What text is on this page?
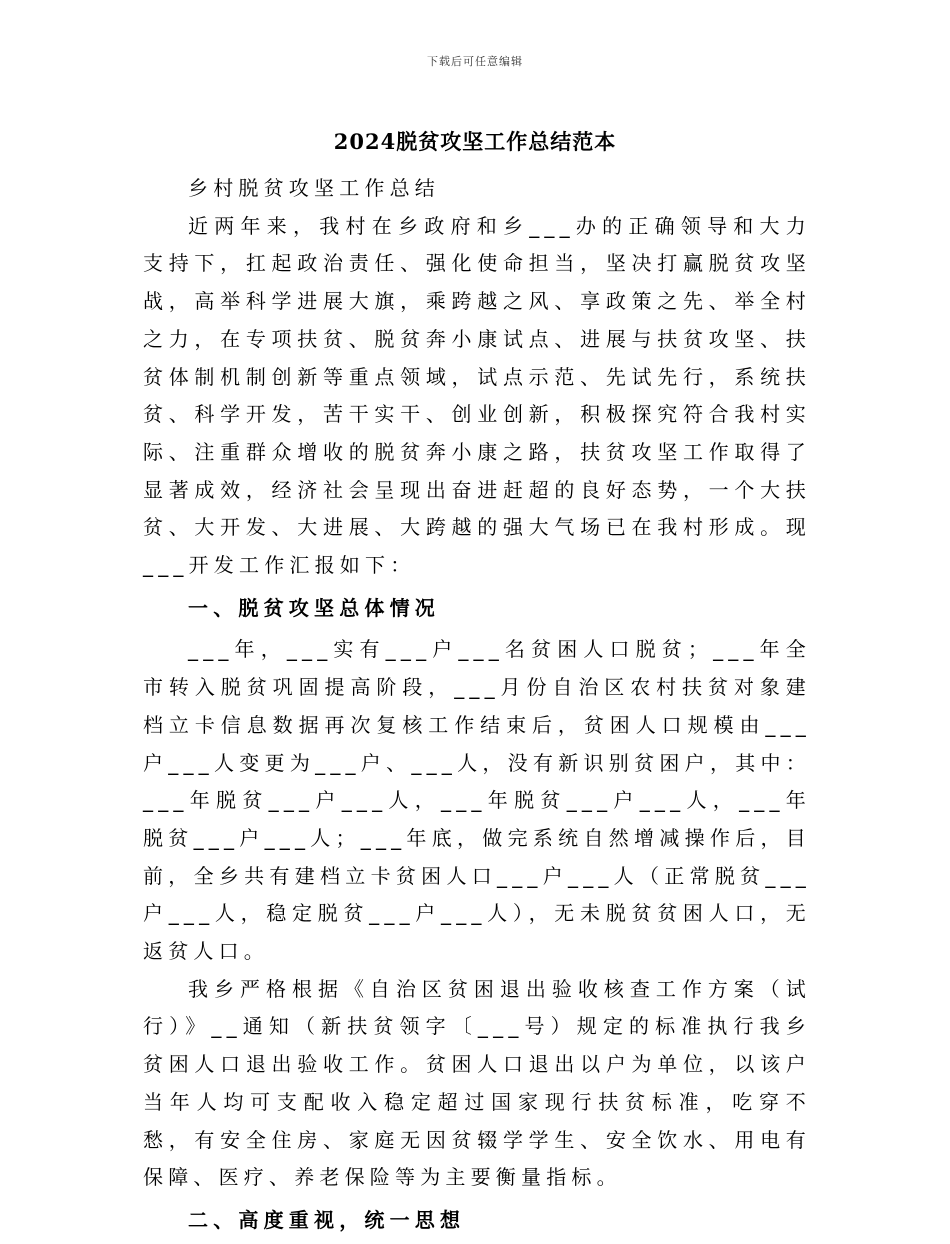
下载后可任意编辑
2024脱贫攻坚工作总结范本

乡村脱贫攻坚工作总结

近两年来，我村在乡政府和乡___办的正确领导和大力支持下，扛起政治责任、强化使命担当，坚决打赢脱贫攻坚战，高举科学进展大旗，乘跨越之风、享政策之先、举全村之力，在专项扶贫、脱贫奔小康试点、进展与扶贫攻坚、扶贫体制机制创新等重点领域，试点示范、先试先行，系统扶贫、科学开发，苦干实干、创业创新，积极探究符合我村实际、注重群众增收的脱贫奔小康之路，扶贫攻坚工作取得了显著成效，经济社会呈现出奋进赶超的良好态势，一个大扶贫、大开发、大进展、大跨越的强大气场已在我村形成。现___开发工作汇报如下：

一、脱贫攻坚总体情况

___年，___实有___户___名贫困人口脱贫；___年全市转入脱贫巩固提高阶段，___月份自治区农村扶贫对象建档立卡信息数据再次复核工作结束后，贫困人口规模由___户___人变更为___户、___人，没有新识别贫困户，其中：___年脱贫___户___人，___年脱贫___户___人，___年脱贫___户___人；___年底，做完系统自然增减操作后，目前，全乡共有建档立卡贫困人口___户___人（正常脱贫___户___人，稳定脱贫___户___人），无未脱贫贫困人口，无返贫人口。

我乡严格根据《自治区贫困退出验收核查工作方案（试行）》__通知（新扶贫领字〔___号）规定的标准执行我乡贫困人口退出验收工作。贫困人口退出以户为单位，以该户当年人均可支配收入稳定超过国家现行扶贫标准，吃穿不愁，有安全住房、家庭无因贫辍学学生、安全饮水、用电有保障、医疗、养老保险等为主要衡量指标。

二、高度重视，统一思想
